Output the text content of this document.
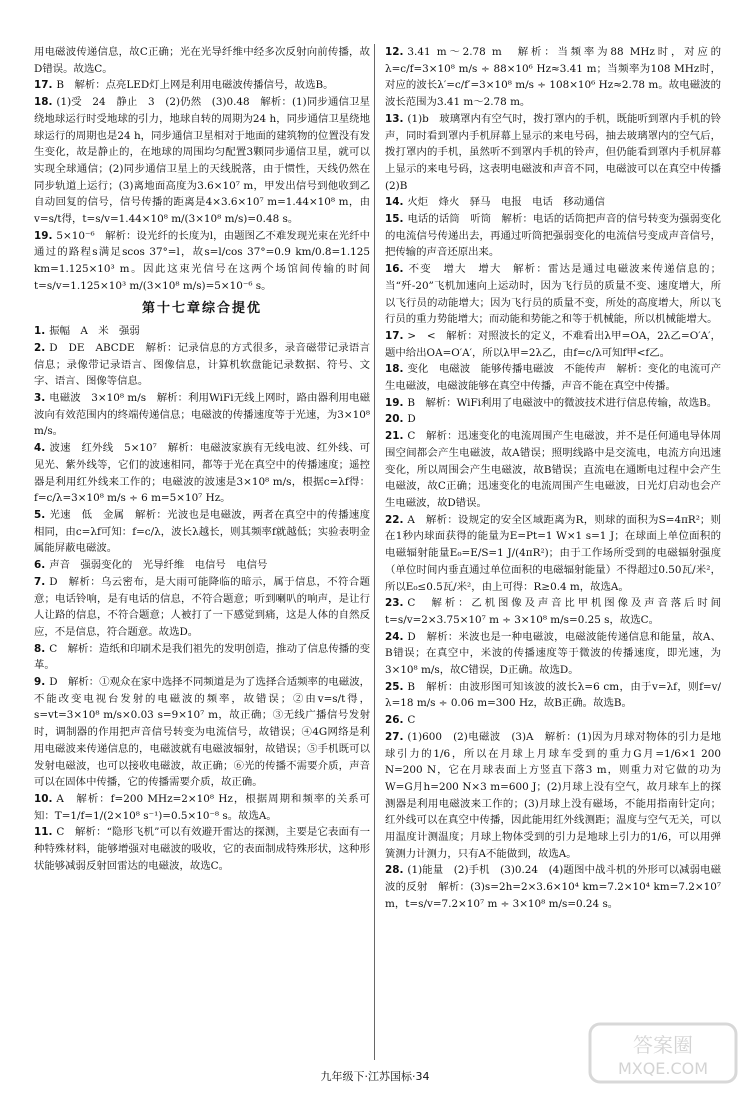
用电磁波传递信息，故C正确；光在光导纤维中经多次反射向前传播，故D错误。故选C。

17. B　解析：点亮LED灯上网是利用电磁波传播信号，故选B。

18. (1)受　24　静止　3　(2)仍然　(3)0.48　解析：(1)同步通信卫星绕地球运行时受地球的引力，地球自转的周期为24 h，同步通信卫星绕地球运行的周期也是24 h，同步通信卫星相对于地面的建筑物的位置没有发生变化，故是静止的，在地球的周围均匀配置3颗同步通信卫星，就可以实现全球通信；(2)同步通信卫星上的天线脱落，由于惯性，天线仍然在同步轨道上运行；(3)离地面高度为3.6×10⁷ m，甲发出信号到他收到乙自动回复的信号，信号传播的距离是4×3.6×10⁷ m=1.44×10⁸ m，由v=s/t得，t=s/v=1.44×10⁸ m/(3×10⁸ m/s)=0.48 s。

19. 5×10⁻⁶　解析：设光纤的长度为l，由题图乙不难发现光束在光纤中通过的路程s满足scos 37°=l，故s=l/cos 37°=0.9 km/0.8=1.125 km=1.125×10³ m。因此这束光信号在这两个场馆间传输的时间t=s/v=1.125×10³ m/(3×10⁸ m/s)=5×10⁻⁶ s。

第十七章综合提优

1. 振幅　A　米　强弱

2. D　DE　ABCDE　解析：记录信息的方式很多，录音磁带记录语言信息；录像带记录语言、图像信息，计算机软盘能记录数据、符号、文字、语言、图像等信息。

3. 电磁波　3×10⁸ m/s　解析：利用WiFi无线上网时，路由器利用电磁波向有效范围内的终端传递信息；电磁波的传播速度等于光速，为3×10⁸ m/s。

4. 波速　红外线　5×10⁷　解析：电磁波家族有无线电波、红外线、可见光、紫外线等，它们的波速相同，都等于光在真空中的传播速度；遥控器是利用红外线来工作的；电磁波的波速是3×10⁸ m/s，根据c=λf得：f=c/λ=3×10⁸ m/s ÷ 6 m=5×10⁷ Hz。

5. 光速　低　金属　解析：光波也是电磁波，两者在真空中的传播速度相同，由c=λf可知：f=c/λ，波长λ越长，则其频率f就越低；实验表明金属能屏蔽电磁波。

6. 声音　强弱变化的　光导纤维　电信号　电信号

7. D　解析：乌云密布，是大雨可能降临的暗示，属于信息，不符合题意；电话铃响，是有电话的信息，不符合题意；听到喇叭的响声，是让行人让路的信息，不符合题意；人被打了一下感觉到痛，这是人体的自然反应，不是信息，符合题意。故选D。

8. C　解析：造纸和印刷术是我们祖先的发明创造，推动了信息传播的变革。

9. D　解析：①观众在家中选择不同频道是为了选择合适频率的电磁波，不能改变电视台发射的电磁波的频率，故错误；②由v=s/t得，s=vt=3×10⁸ m/s×0.03 s=9×10⁷ m，故正确；③无线广播信号发射时，调制器的作用把声音信号转变为电流信号，故错误；④4G网络是利用电磁波来传递信息的，电磁波就有电磁波辐射，故错误；⑤手机既可以发射电磁波，也可以接收电磁波，故正确；⑥光的传播不需要介质，声音可以在固体中传播，它的传播需要介质，故正确。

10. A　解析：f=200 MHz=2×10⁸ Hz，根据周期和频率的关系可知：T=1/f=1/(2×10⁸ s⁻¹)=0.5×10⁻⁸ s。故选A。

11. C　解析：“隐形飞机”可以有效避开雷达的探测，主要是它表面有一种特殊材料，能够增强对电磁波的吸收，它的表面制成特殊形状，这种形状能够减弱反射回雷达的电磁波，故选C。

12. 3.41 m～2.78 m　解析：当频率为88 MHz时，对应的λ=c/f=3×10⁸ m/s ÷ 88×10⁶ Hz≈3.41 m；当频率为108 MHz时，对应的波长λ′=c/f′=3×10⁸ m/s ÷ 108×10⁶ Hz≈2.78 m。故电磁波的波长范围为3.41 m～2.78 m。

13. (1)b　玻璃罩内有空气时，拨打罩内的手机，既能听到罩内手机的铃声，同时看到罩内手机屏幕上显示的来电号码，抽去玻璃罩内的空气后，拨打罩内的手机，虽然听不到罩内手机的铃声，但仍能看到罩内手机屏幕上显示的来电号码，这表明电磁波和声音不同，电磁波可以在真空中传播　(2)B

14. 火炬　烽火　驿马　电报　电话　移动通信

15. 电话的话筒　听筒　解析：电话的话筒把声音的信号转变为强弱变化的电流信号传递出去，再通过听筒把强弱变化的电流信号变成声音信号，把传输的声音还原出来。

16. 不变　增大　增大　解析：雷达是通过电磁波来传递信息的；当“歼-20”飞机加速向上运动时，因为飞行员的质量不变、速度增大，所以飞行员的动能增大；因为飞行员的质量不变，所处的高度增大，所以飞行员的重力势能增大；而动能和势能之和等于机械能，所以机械能增大。

17. >　<　解析：对照波长的定义，不难看出λ甲=OA，2λ乙=O′A′，题中给出OA=O′A′，所以λ甲=2λ乙，由f=c/λ可知f甲<f乙。

18. 变化　电磁波　能够传播电磁波　不能传声　解析：变化的电流可产生电磁波，电磁波能够在真空中传播，声音不能在真空中传播。

19. B　解析：WiFi利用了电磁波中的微波技术进行信息传输，故选B。

20. D

21. C　解析：迅速变化的电流周围产生电磁波，并不是任何通电导体周围空间都会产生电磁波，故A错误；照明线路中是交流电，电流方向迅速变化，所以周围会产生电磁波，故B错误；直流电在通断电过程中会产生电磁波，故C正确；迅速变化的电流周围产生电磁波，日光灯启动也会产生电磁波，故D错误。

22. A　解析：设规定的安全区域距离为R，则球的面积为S=4πR²；则在1秒内球面获得的能量为E=Pt=1 W×1 s=1 J；在球面上单位面积的电磁辐射能量E₀=E/S=1 J/(4πR²)；由于工作场所受到的电磁辐射强度（单位时间内垂直通过单位面积的电磁辐射能量）不得超过0.50瓦/米²，所以E₀≤0.5瓦/米²，由上可得：R≥0.4 m，故选A。

23. C　解析：乙机图像及声音比甲机图像及声音落后时间t=s/v=2×3.75×10⁷ m ÷ 3×10⁸ m/s=0.25 s，故选C。

24. D　解析：米波也是一种电磁波，电磁波能传递信息和能量，故A、B错误；在真空中，米波的传播速度等于微波的传播速度，即光速，为3×10⁸ m/s，故C错误，D正确。故选D。

25. B　解析：由波形图可知该波的波长λ=6 cm，由于v=λf，则f=v/λ=18 m/s ÷ 0.06 m=300 Hz，故B正确。故选B。

26. C

27. (1)600　(2)电磁波　(3)A　解析：(1)因为月球对物体的引力是地球引力的1/6，所以在月球上月球车受到的重力G月=1/6×1 200 N=200 N，它在月球表面上方竖直下落3 m，则重力对它做的功为W=G月h=200 N×3 m=600 J；(2)月球上没有空气，故月球车上的探测器是利用电磁波来工作的；(3)月球上没有磁场，不能用指南针定向；红外线可以在真空中传播，因此能用红外线测距；温度与空气无关，可以用温度计测温度；月球上物体受到的引力是地球上引力的1/6，可以用弹簧测力计测力，只有A不能做到，故选A。

28. (1)能量　(2)手机　(3)0.24　(4)题图中战斗机的外形可以减弱电磁波的反射　解析：(3)s=2h=2×3.6×10⁴ km=7.2×10⁴ km=7.2×10⁷ m，t=s/v=7.2×10⁷ m ÷ 3×10⁸ m/s=0.24 s。

九年级下·江苏国标·34
答案圈
MXQE.COM
